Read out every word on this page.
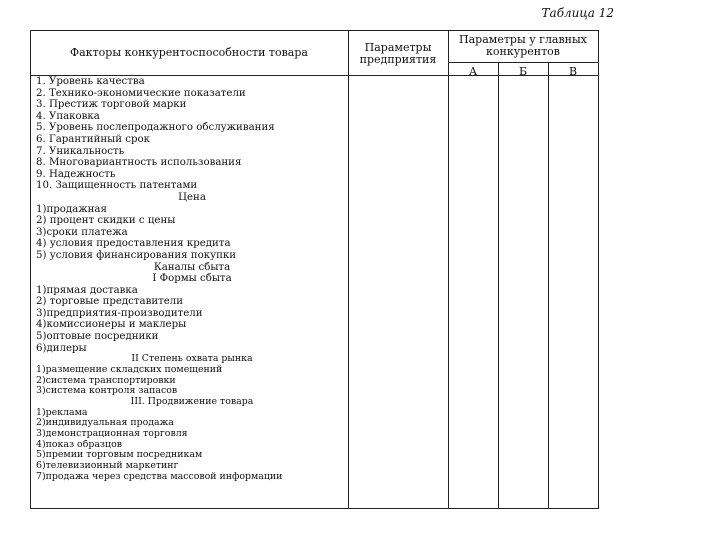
Таблица 12
Факторы конкурентоспособности товара	Параметры
предприятия
Параметры у главных
конкурентов
А	Б	В
1. Уровень качества
2. Технико-экономические показатели
3. Престиж торговой марки
4. Упаковка
5. Уровень послепродажного обслуживания
6. Гарантийный срок
7. Уникальность
8. Многовариантность использования
9. Надежность
10. Защищенность патентами
Цена
1)продажная
2) процент скидки с цены
3)сроки платежа
4) условия предоставления кредита
5) условия финансирования покупки
Каналы сбыта
I Формы сбыта
1)прямая доставка
2) торговые представители
3)предприятия-производители
4)комиссионеры и маклеры
5)оптовые посредники
6)дилеры
II Степень охвата рынка
1)размещение складских помещений
2)система транспортировки
3)система контроля запасов
III. Продвижение товара
1)реклама
2)индивидуальная продажа
3)демонстрационная торговля
4)показ образцов
5)премии торговым посредникам
6)телевизионный маркетинг
7)продажа через средства массовой информации
